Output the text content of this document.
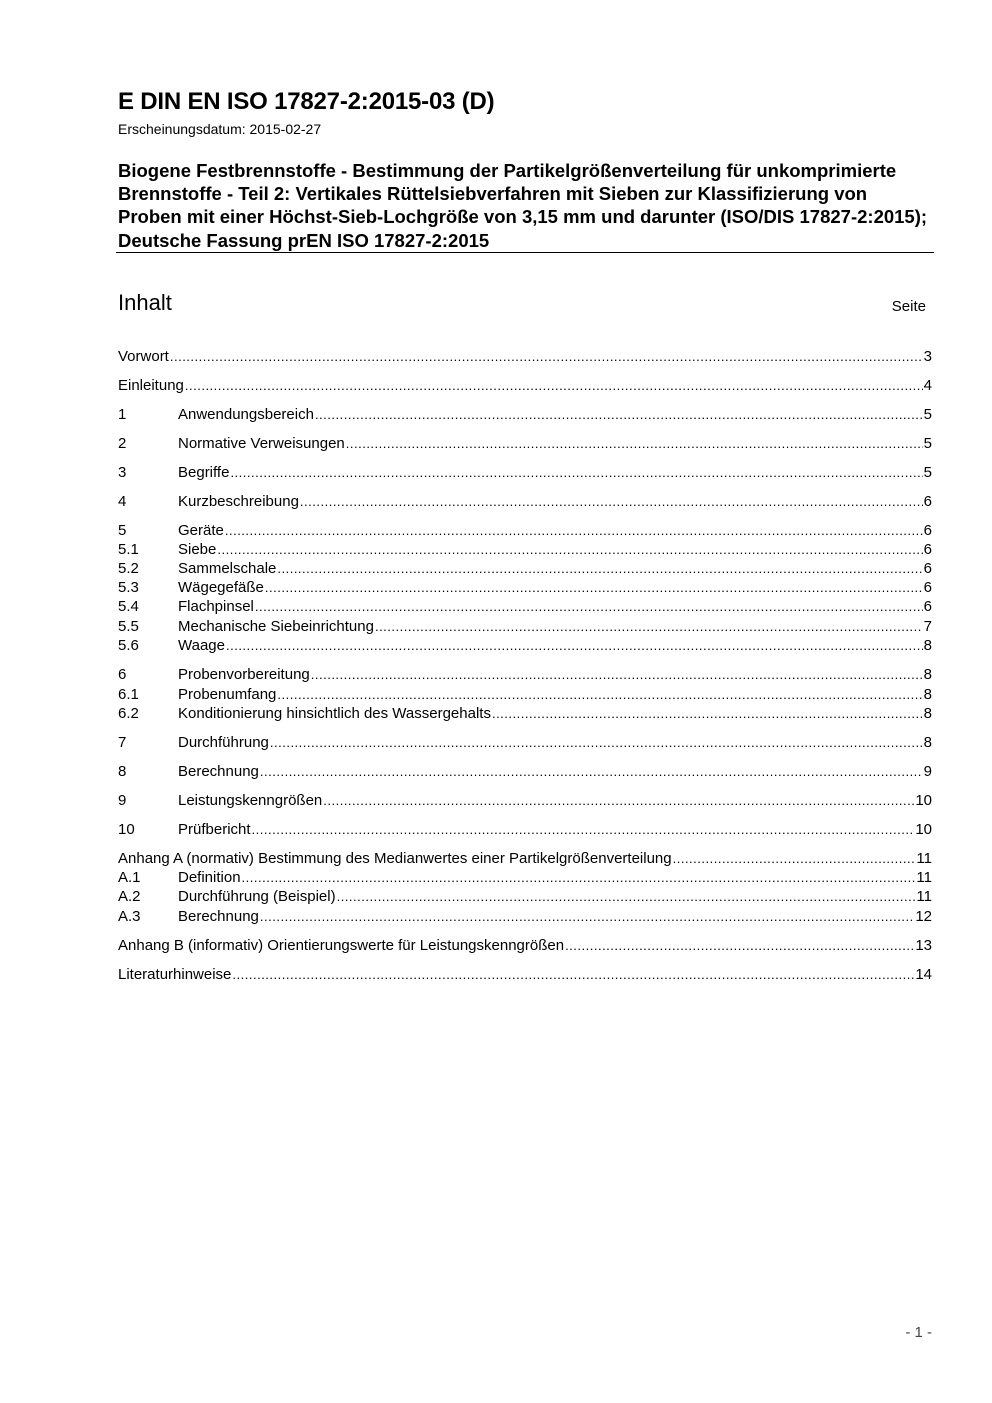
E DIN EN ISO 17827-2:2015-03 (D)
Erscheinungsdatum: 2015-02-27
Biogene Festbrennstoffe - Bestimmung der Partikelgrößenverteilung für unkomprimierte Brennstoffe - Teil 2: Vertikales Rüttelsiebverfahren mit Sieben zur Klassifizierung von Proben mit einer Höchst-Sieb-Lochgröße von 3,15 mm und darunter (ISO/DIS 17827-2:2015); Deutsche Fassung prEN ISO 17827-2:2015
Inhalt	Seite
Vorwort .....	3
Einleitung .....	4
1	Anwendungsbereich .....	5
2	Normative Verweisungen .....	5
3	Begriffe .....	5
4	Kurzbeschreibung .....	6
5	Geräte .....	6
5.1	Siebe .....	6
5.2	Sammelschale .....	6
5.3	Wägegefäße .....	6
5.4	Flachpinsel .....	6
5.5	Mechanische Siebeinrichtung .....	7
5.6	Waage .....	8
6	Probenvorbereitung .....	8
6.1	Probenumfang .....	8
6.2	Konditionierung hinsichtlich des Wassergehalts .....	8
7	Durchführung .....	8
8	Berechnung .....	9
9	Leistungskenngrößen .....	10
10	Prüfbericht .....	10
Anhang A (normativ) Bestimmung des Medianwertes einer Partikelgrößenverteilung .....	11
A.1	Definition .....	11
A.2	Durchführung (Beispiel) .....	11
A.3	Berechnung .....	12
Anhang B (informativ) Orientierungswerte für Leistungskenngrößen .....	13
Literaturhinweise .....	14
- 1 -
